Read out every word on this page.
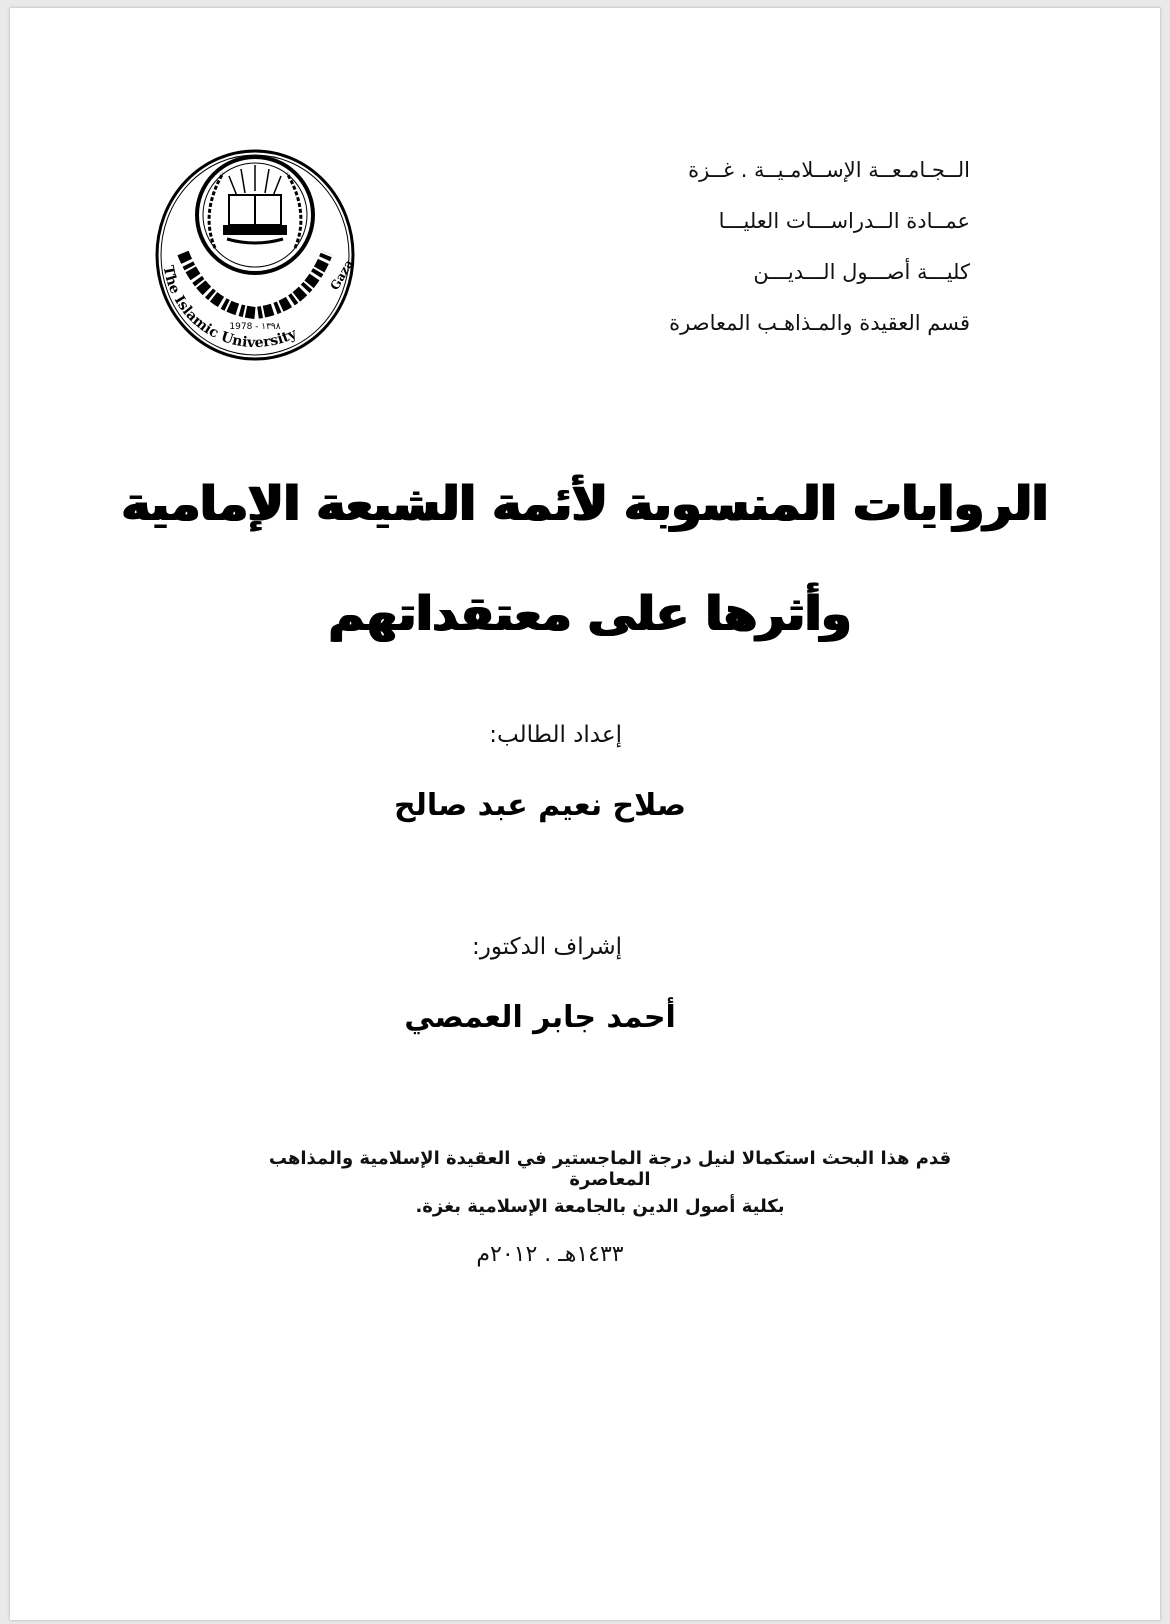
الــجـامـعــة الإســلامـيــة . غــزة
عمــادة الــدراســـات العليـــا
كليـــة أصـــول الـــديـــن
قسم العقيدة والمـذاهـب المعاصرة
The Islamic University
Gaza
1978 - ١٣٩٨
الروايات المنسوبة لأئمة الشيعة الإمامية
وأثرها على معتقداتهم
إعداد الطالب:
صلاح نعيم عبد صالح
إشراف الدكتور:
أحمد جابر العمصي
قدم هذا البحث استكمالا لنيل درجة الماجستير في العقيدة الإسلامية والمذاهب المعاصرة
بكلية أصول الدين بالجامعة الإسلامية بغزة.
١٤٣٣هـ . ٢٠١٢م
